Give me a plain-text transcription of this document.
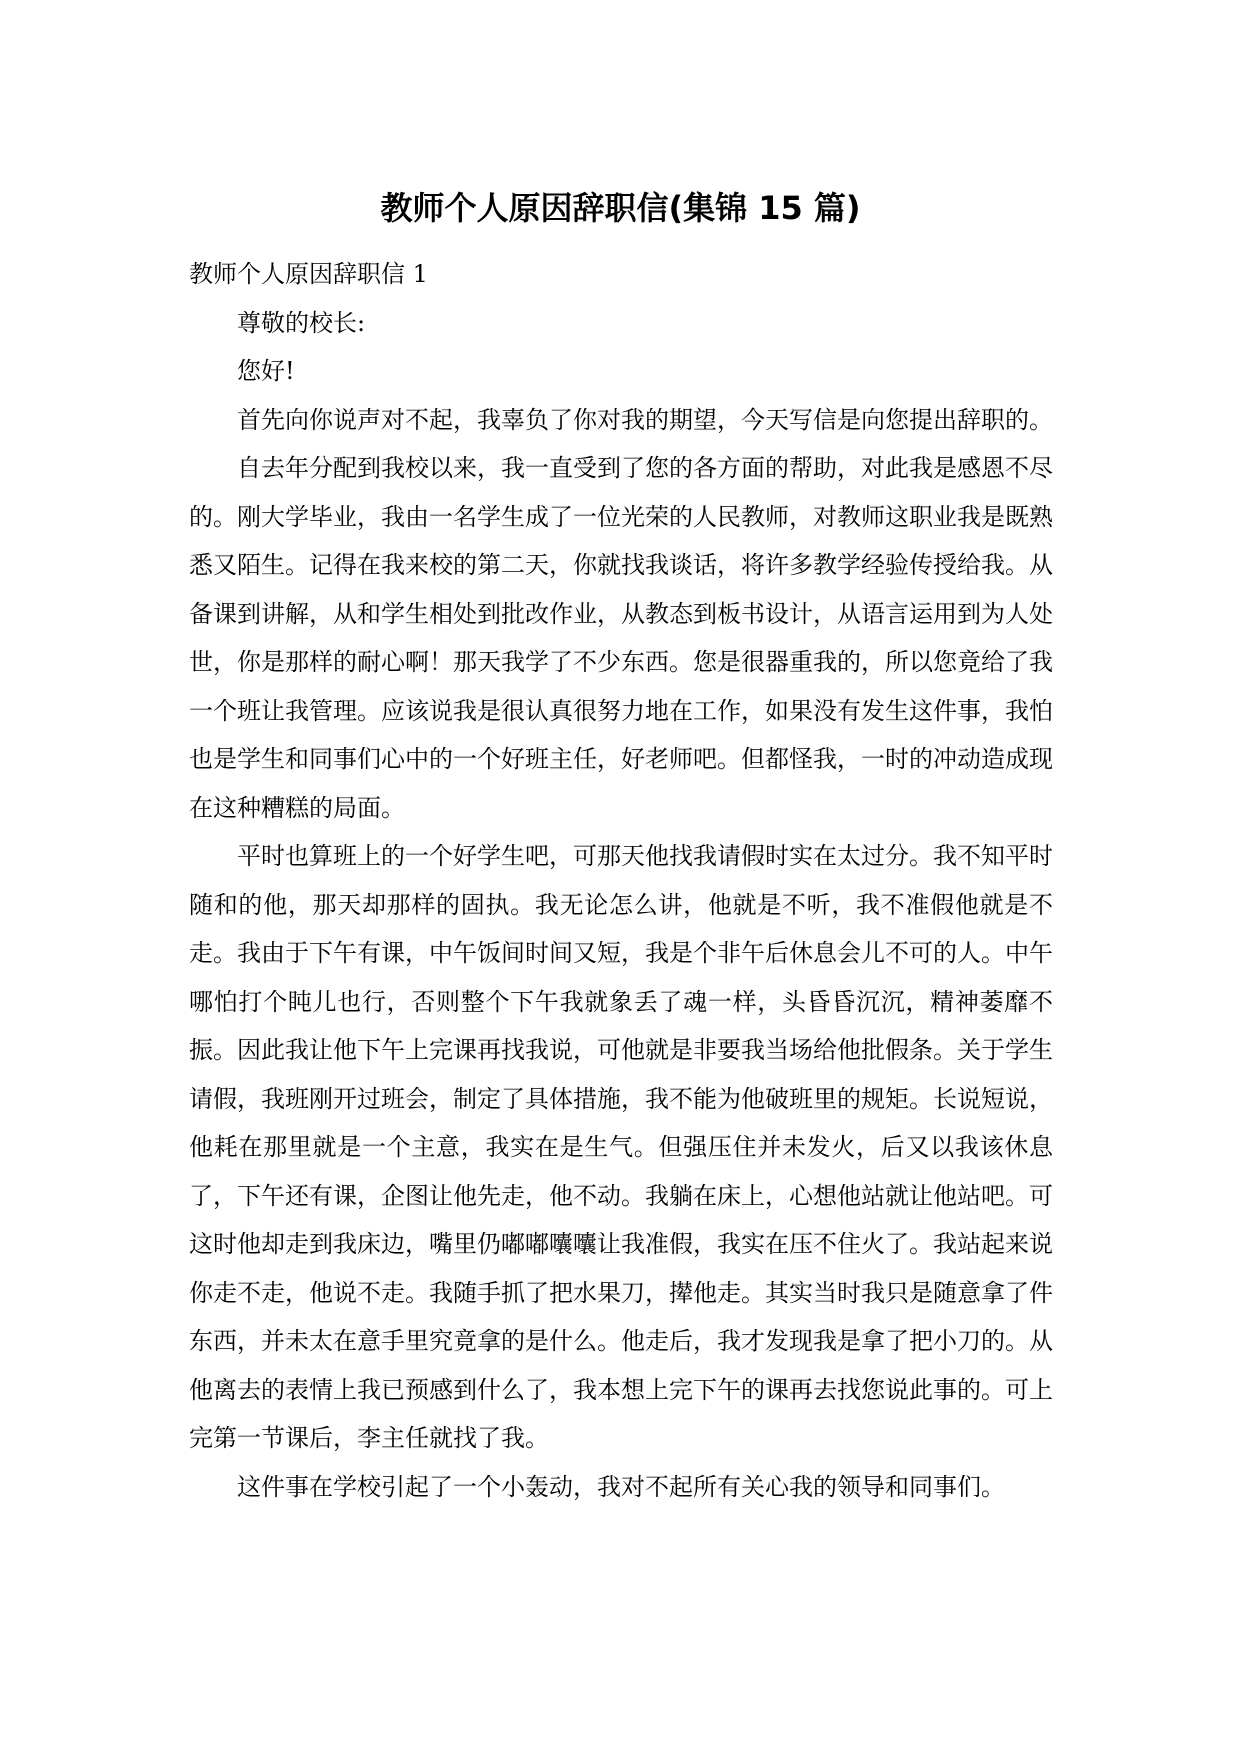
教师个人原因辞职信(集锦 15 篇)

教师个人原因辞职信 1

尊敬的校长:

您好!

首先向你说声对不起，我辜负了你对我的期望，今天写信是向您提出辞职的。

自去年分配到我校以来，我一直受到了您的各方面的帮助，对此我是感恩不尽的。刚大学毕业，我由一名学生成了一位光荣的人民教师，对教师这职业我是既熟悉又陌生。记得在我来校的第二天，你就找我谈话，将许多教学经验传授给我。从备课到讲解，从和学生相处到批改作业，从教态到板书设计，从语言运用到为人处世，你是那样的耐心啊！那天我学了不少东西。您是很器重我的，所以您竟给了我一个班让我管理。应该说我是很认真很努力地在工作，如果没有发生这件事，我怕也是学生和同事们心中的一个好班主任，好老师吧。但都怪我，一时的冲动造成现在这种糟糕的局面。

平时也算班上的一个好学生吧，可那天他找我请假时实在太过分。我不知平时随和的他，那天却那样的固执。我无论怎么讲，他就是不听，我不准假他就是不走。我由于下午有课，中午饭间时间又短，我是个非午后休息会儿不可的人。中午哪怕打个盹儿也行，否则整个下午我就象丢了魂一样，头昏昏沉沉，精神萎靡不振。因此我让他下午上完课再找我说，可他就是非要我当场给他批假条。关于学生请假，我班刚开过班会，制定了具体措施，我不能为他破班里的规矩。长说短说，他耗在那里就是一个主意，我实在是生气。但强压住并未发火，后又以我该休息了，下午还有课，企图让他先走，他不动。我躺在床上，心想他站就让他站吧。可这时他却走到我床边，嘴里仍嘟嘟囔囔让我准假，我实在压不住火了。我站起来说你走不走，他说不走。我随手抓了把水果刀，撵他走。其实当时我只是随意拿了件东西，并未太在意手里究竟拿的是什么。他走后，我才发现我是拿了把小刀的。从他离去的表情上我已预感到什么了，我本想上完下午的课再去找您说此事的。可上完第一节课后，李主任就找了我。

这件事在学校引起了一个小轰动，我对不起所有关心我的领导和同事们。
